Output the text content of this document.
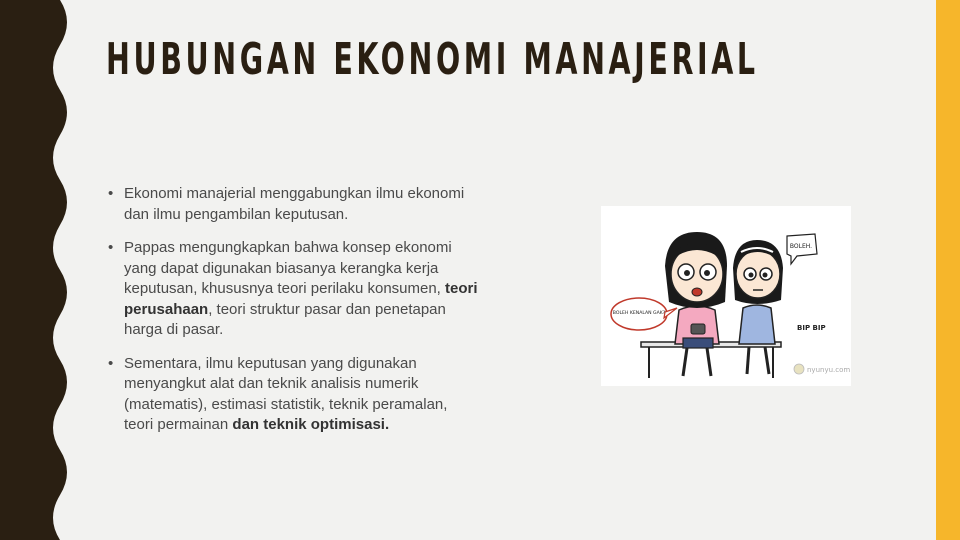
HUBUNGAN EKONOMI MANAJERIAL
• Ekonomi manajerial menggabungkan ilmu ekonomi dan ilmu pengambilan keputusan.
• Pappas mengungkapkan bahwa konsep ekonomi yang dapat digunakan biasanya kerangka kerja keputusan, khususnya teori perilaku konsumen, teori perusahaan, teori struktur pasar dan penetapan harga di pasar.
• Sementara, ilmu keputusan yang digunakan menyangkut alat dan teknik analisis numerik (matematis), estimasi statistik, teknik peramalan, teori permainan dan teknik optimisasi.
BOLEH KENALAN GAK?
BOLEH.
BIP BIP
nyunyu.com
